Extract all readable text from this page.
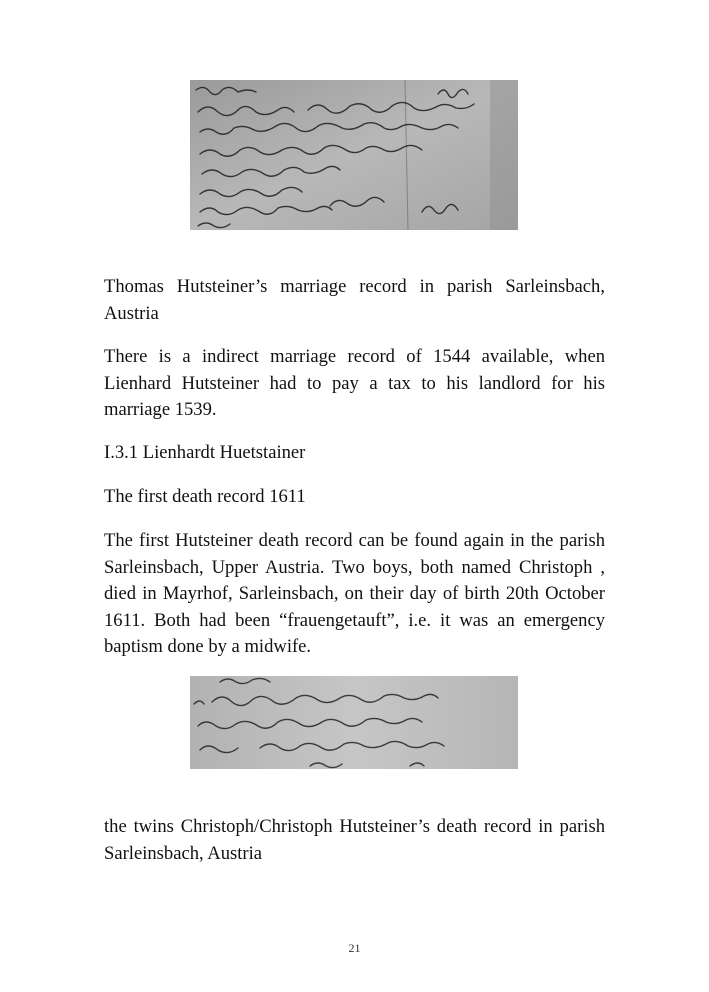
Thomas Hutsteiner’s marriage record in parish Sarleinsbach, Austria

There is a indirect marriage record of 1544 available, when Lienhard Hutsteiner had to pay a tax to his landlord for his marriage 1539.

I.3.1 Lienhardt Huetstainer

The first death record 1611

The first Hutsteiner death record can be found again in the parish Sarleinsbach, Upper Austria. Two boys, both named Christoph , died in Mayrhof, Sarleinsbach, on their day of birth 20th October 1611. Both had been “frauengetauft”, i.e. it was an emergency baptism done by a midwife.

the twins Christoph/Christoph Hutsteiner’s death record in parish Sarleinsbach, Austria

21
